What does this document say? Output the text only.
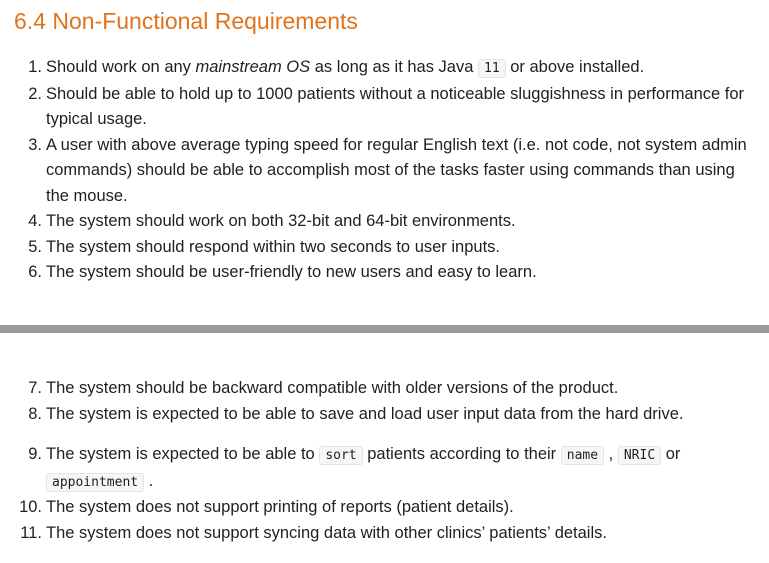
6.4 Non-Functional Requirements
1. Should work on any mainstream OS as long as it has Java 11 or above installed.
2. Should be able to hold up to 1000 patients without a noticeable sluggishness in performance for typical usage.
3. A user with above average typing speed for regular English text (i.e. not code, not system admin commands) should be able to accomplish most of the tasks faster using commands than using the mouse.
4. The system should work on both 32-bit and 64-bit environments.
5. The system should respond within two seconds to user inputs.
6. The system should be user-friendly to new users and easy to learn.
7. The system should be backward compatible with older versions of the product.
8. The system is expected to be able to save and load user input data from the hard drive.
9. The system is expected to be able to sort patients according to their name , NRIC or appointment .
10. The system does not support printing of reports (patient details).
11. The system does not support syncing data with other clinics’ patients’ details.
